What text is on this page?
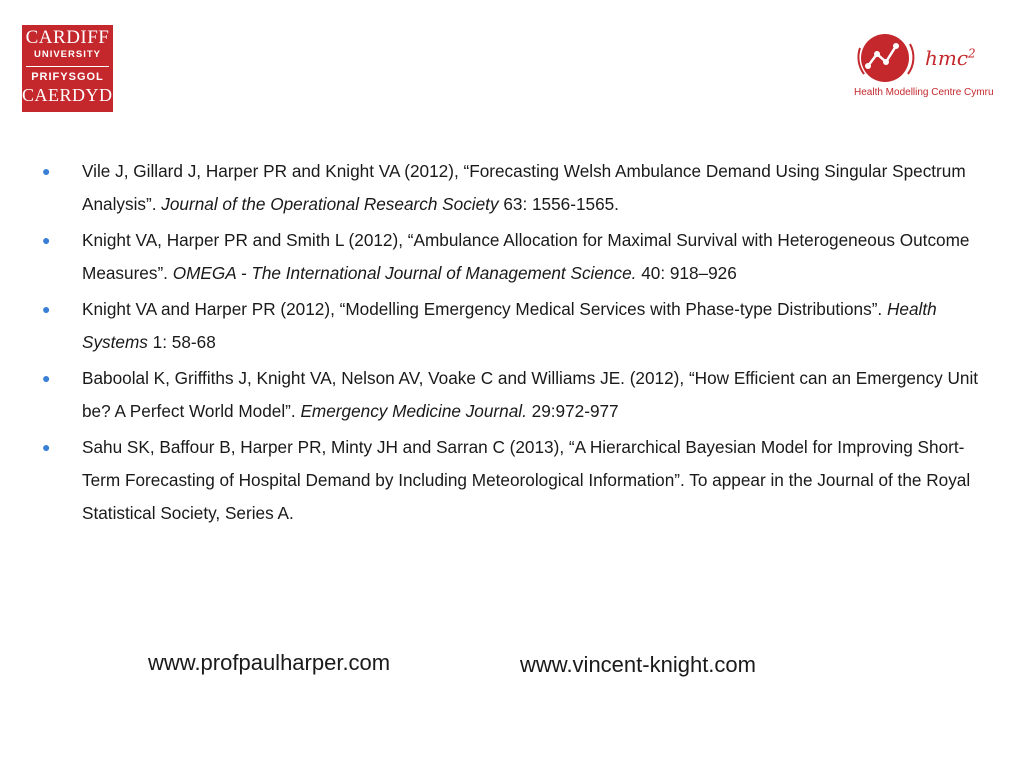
CARDIFF
UNIVERSITY
PRIFYSGOL
CAERDYDD
hmc$^2$
Health Modelling Centre Cymru
● Vile J, Gillard J, Harper PR and Knight VA (2012), “Forecasting Welsh Ambulance Demand Using Singular Spectrum Analysis”. Journal of the Operational Research Society 63: 1556-1565.
● Knight VA, Harper PR and Smith L (2012), “Ambulance Allocation for Maximal Survival with Heterogeneous Outcome Measures”. OMEGA - The International Journal of Management Science. 40: 918–926
● Knight VA and Harper PR (2012), “Modelling Emergency Medical Services with Phase-type Distributions”. Health Systems 1: 58-68
● Baboolal K, Griffiths J, Knight VA, Nelson AV, Voake C and Williams JE. (2012), “How Efficient can an Emergency Unit be? A Perfect World Model”. Emergency Medicine Journal. 29:972-977
● Sahu SK, Baffour B, Harper PR, Minty JH and Sarran C (2013), “A Hierarchical Bayesian Model for Improving Short-Term Forecasting of Hospital Demand by Including Meteorological Information”. To appear in the Journal of the Royal Statistical Society, Series A.
www.profpaulharper.com	www.vincent-knight.com
